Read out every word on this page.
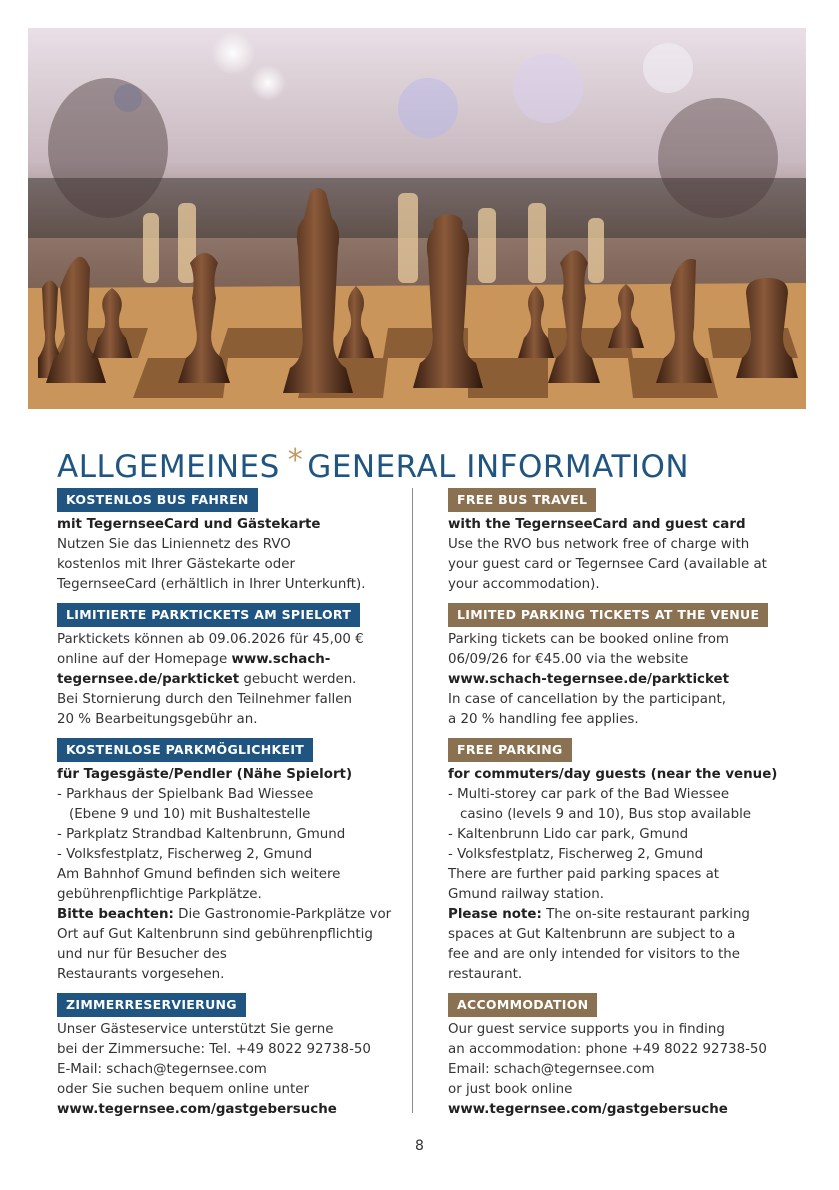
ALLGEMEINES * GENERAL INFORMATION
KOSTENLOS BUS FAHREN

mit TegernseeCard und Gästekarte

Nutzen Sie das Liniennetz des RVO

kostenlos mit Ihrer Gästekarte oder

TegernseeCard (erhältlich in Ihrer Unterkunft).

LIMITIERTE PARKTICKETS AM SPIELORT

Parktickets können ab 09.06.2026 für 45,00 €

online auf der Homepage www.schach-

tegernsee.de/parkticket gebucht werden.

Bei Stornierung durch den Teilnehmer fallen

20 % Bearbeitungsgebühr an.

KOSTENLOSE PARKMÖGLICHKEIT

für Tagesgäste/Pendler (Nähe Spielort)

- Parkhaus der Spielbank Bad Wiessee

(Ebene 9 und 10) mit Bushaltestelle

- Parkplatz Strandbad Kaltenbrunn, Gmund

- Volksfestplatz, Fischerweg 2, Gmund

Am Bahnhof Gmund befinden sich weitere

gebührenpflichtige Parkplätze.

Bitte beachten: Die Gastronomie-Parkplätze vor

Ort auf Gut Kaltenbrunn sind gebührenpflichtig

und nur für Besucher des

Restaurants vorgesehen.

ZIMMERRESERVIERUNG

Unser Gästeservice unterstützt Sie gerne

bei der Zimmersuche: Tel. +49 8022 92738-50

E-Mail: schach@tegernsee.com

oder Sie suchen bequem online unter

www.tegernsee.com/gastgebersuche

FREE BUS TRAVEL

with the TegernseeCard and guest card

Use the RVO bus network free of charge with

your guest card or Tegernsee Card (available at

your accommodation).

LIMITED PARKING TICKETS AT THE VENUE

Parking tickets can be booked online from

06/09/26 for €45.00 via the website

www.schach-tegernsee.de/parkticket

In case of cancellation by the participant,

a 20 % handling fee applies.

FREE PARKING

for commuters/day guests (near the venue)

- Multi-storey car park of the Bad Wiessee

casino (levels 9 and 10), Bus stop available

- Kaltenbrunn Lido car park, Gmund

- Volksfestplatz, Fischerweg 2, Gmund

There are further paid parking spaces at

Gmund railway station.

Please note: The on-site restaurant parking

spaces at Gut Kaltenbrunn are subject to a

fee and are only intended for visitors to the

restaurant.

ACCOMMODATION

Our guest service supports you in finding

an accommodation: phone +49 8022 92738-50

Email: schach@tegernsee.com

or just book online

www.tegernsee.com/gastgebersuche

8
